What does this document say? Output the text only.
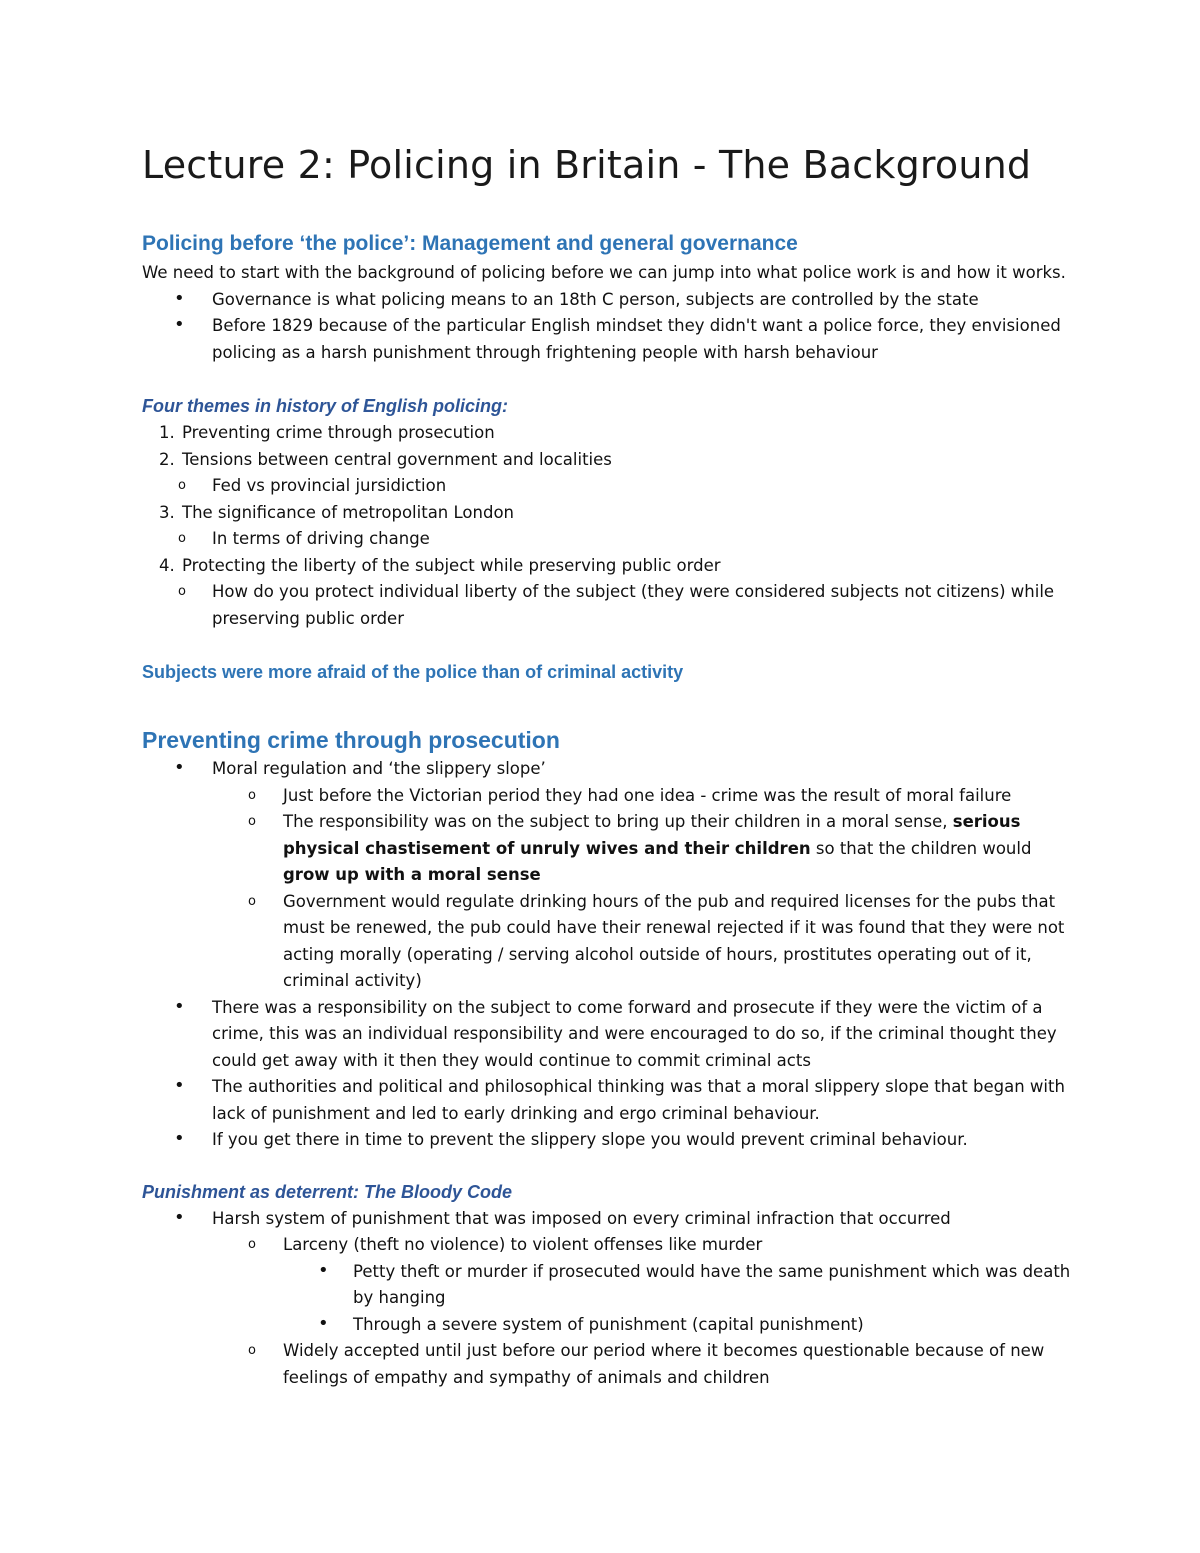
Lecture 2: Policing in Britain - The Background
Policing before ‘the police’: Management and general governance

We need to start with the background of policing before we can jump into what police work is and how it works.

• Governance is what policing means to an 18th C person, subjects are controlled by the state
• Before 1829 because of the particular English mindset they didn't want a police force, they envisioned policing as a harsh punishment through frightening people with harsh behaviour
Four themes in history of English policing:
1. Preventing crime through prosecution
2. Tensions between central government and localities
o Fed vs provincial jursidiction
3. The significance of metropolitan London
o In terms of driving change
4. Protecting the liberty of the subject while preserving public order
o How do you protect individual liberty of the subject (they were considered subjects not citizens) while preserving public order
Subjects were more afraid of the police than of criminal activity
Preventing crime through prosecution
• Moral regulation and ‘the slippery slope’
o Just before the Victorian period they had one idea - crime was the result of moral failure
o The responsibility was on the subject to bring up their children in a moral sense, serious physical chastisement of unruly wives and their children so that the children would grow up with a moral sense
o Government would regulate drinking hours of the pub and required licenses for the pubs that must be renewed, the pub could have their renewal rejected if it was found that they were not acting morally (operating / serving alcohol outside of hours, prostitutes operating out of it, criminal activity)
• There was a responsibility on the subject to come forward and prosecute if they were the victim of a crime, this was an individual responsibility and were encouraged to do so, if the criminal thought they could get away with it then they would continue to commit criminal acts
• The authorities and political and philosophical thinking was that a moral slippery slope that began with lack of punishment and led to early drinking and ergo criminal behaviour.
• If you get there in time to prevent the slippery slope you would prevent criminal behaviour.
Punishment as deterrent: The Bloody Code
• Harsh system of punishment that was imposed on every criminal infraction that occurred
o Larceny (theft no violence) to violent offenses like murder
• Petty theft or murder if prosecuted would have the same punishment which was death by hanging
• Through a severe system of punishment (capital punishment)
o Widely accepted until just before our period where it becomes questionable because of new feelings of empathy and sympathy of animals and children
